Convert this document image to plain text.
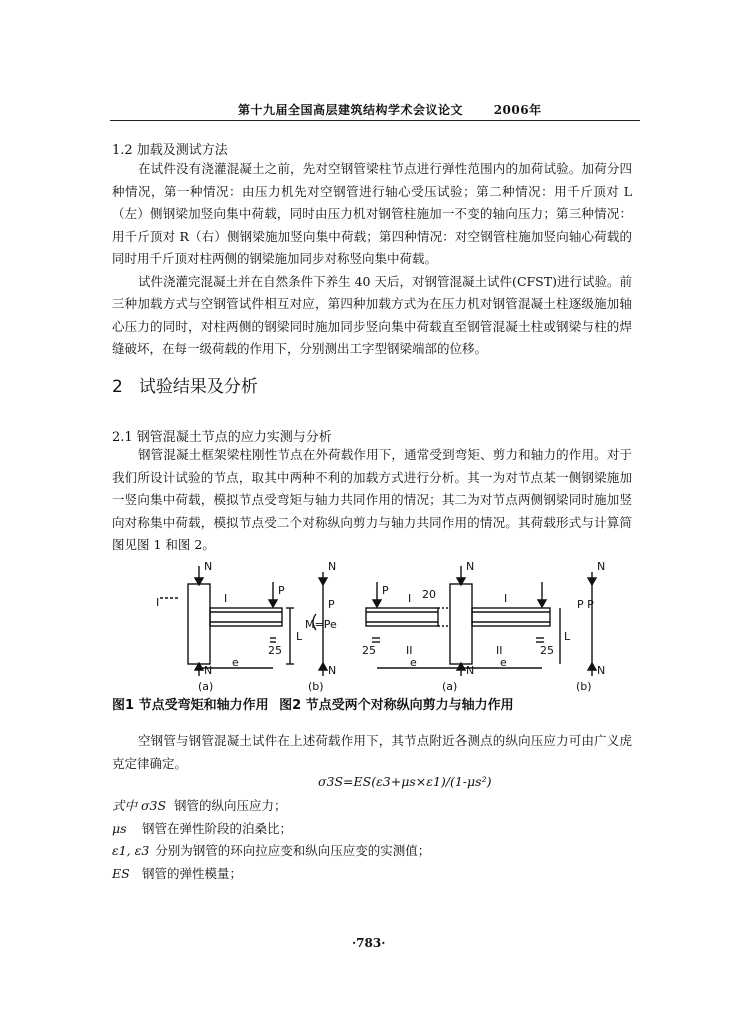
第十九届全国高层建筑结构学术会议论文	2006年
1.2 加载及测试方法

在试件没有浇灌混凝土之前，先对空钢管梁柱节点进行弹性范围内的加荷试验。加荷分四种情况，第一种情况：由压力机先对空钢管进行轴心受压试验；第二种情况：用千斤顶对 L（左）侧钢梁加竖向集中荷载，同时由压力机对钢管柱施加一不变的轴向压力；第三种情况：用千斤顶对 R（右）侧钢梁施加竖向集中荷载；第四种情况：对空钢管柱施加竖向轴心荷载的同时用千斤顶对柱两侧的钢梁施加同步对称竖向集中荷载。

试件浇灌完混凝土并在自然条件下养生 40 天后，对钢管混凝土试件(CFST)进行试验。前三种加载方式与空钢管试件相互对应，第四种加载方式为在压力机对钢管混凝土柱逐级施加轴心压力的同时，对柱两侧的钢梁同时施加同步竖向集中荷载直至钢管混凝土柱或钢梁与柱的焊缝破坏，在每一级荷载的作用下，分别测出工字型钢梁端部的位移。

2 试验结果及分析
2.1 钢管混凝土节点的应力实测与分析

钢管混凝土框架梁柱刚性节点在外荷载作用下，通常受到弯矩、剪力和轴力的作用。对于我们所设计试验的节点，取其中两种不利的加载方式进行分析。其一为对节点某一侧钢梁施加一竖向集中荷载，模拟节点受弯矩与轴力共同作用的情况；其二为对节点两侧钢梁同时施加竖向对称集中荷载，模拟节点受二个对称纵向剪力与轴力共同作用的情况。其荷载形式与计算简图见图 1 和图 2。

N
N
I	I
P
L
25
e
(a)
N
P
M=Pe
N
(b)
N
N
I 20
P
I
II	II
25	25
e	e
L
(a)
N
P P
N
(b)
图1 节点受弯矩和轴力作用 图2 节点受两个对称纵向剪力与轴力作用

空钢管与钢管混凝土试件在上述荷载作用下，其节点附近各测点的纵向压应力可由广义虎克定律确定。

σ3S=ES(ε3+μs×ε1)/(1-μs²)
式中 σ3S 钢管的纵向压应力；
μs 钢管在弹性阶段的泊桑比；
ε1, ε3 分别为钢管的环向拉应变和纵向压应变的实测值；
ES 钢管的弹性模量；
·783·
